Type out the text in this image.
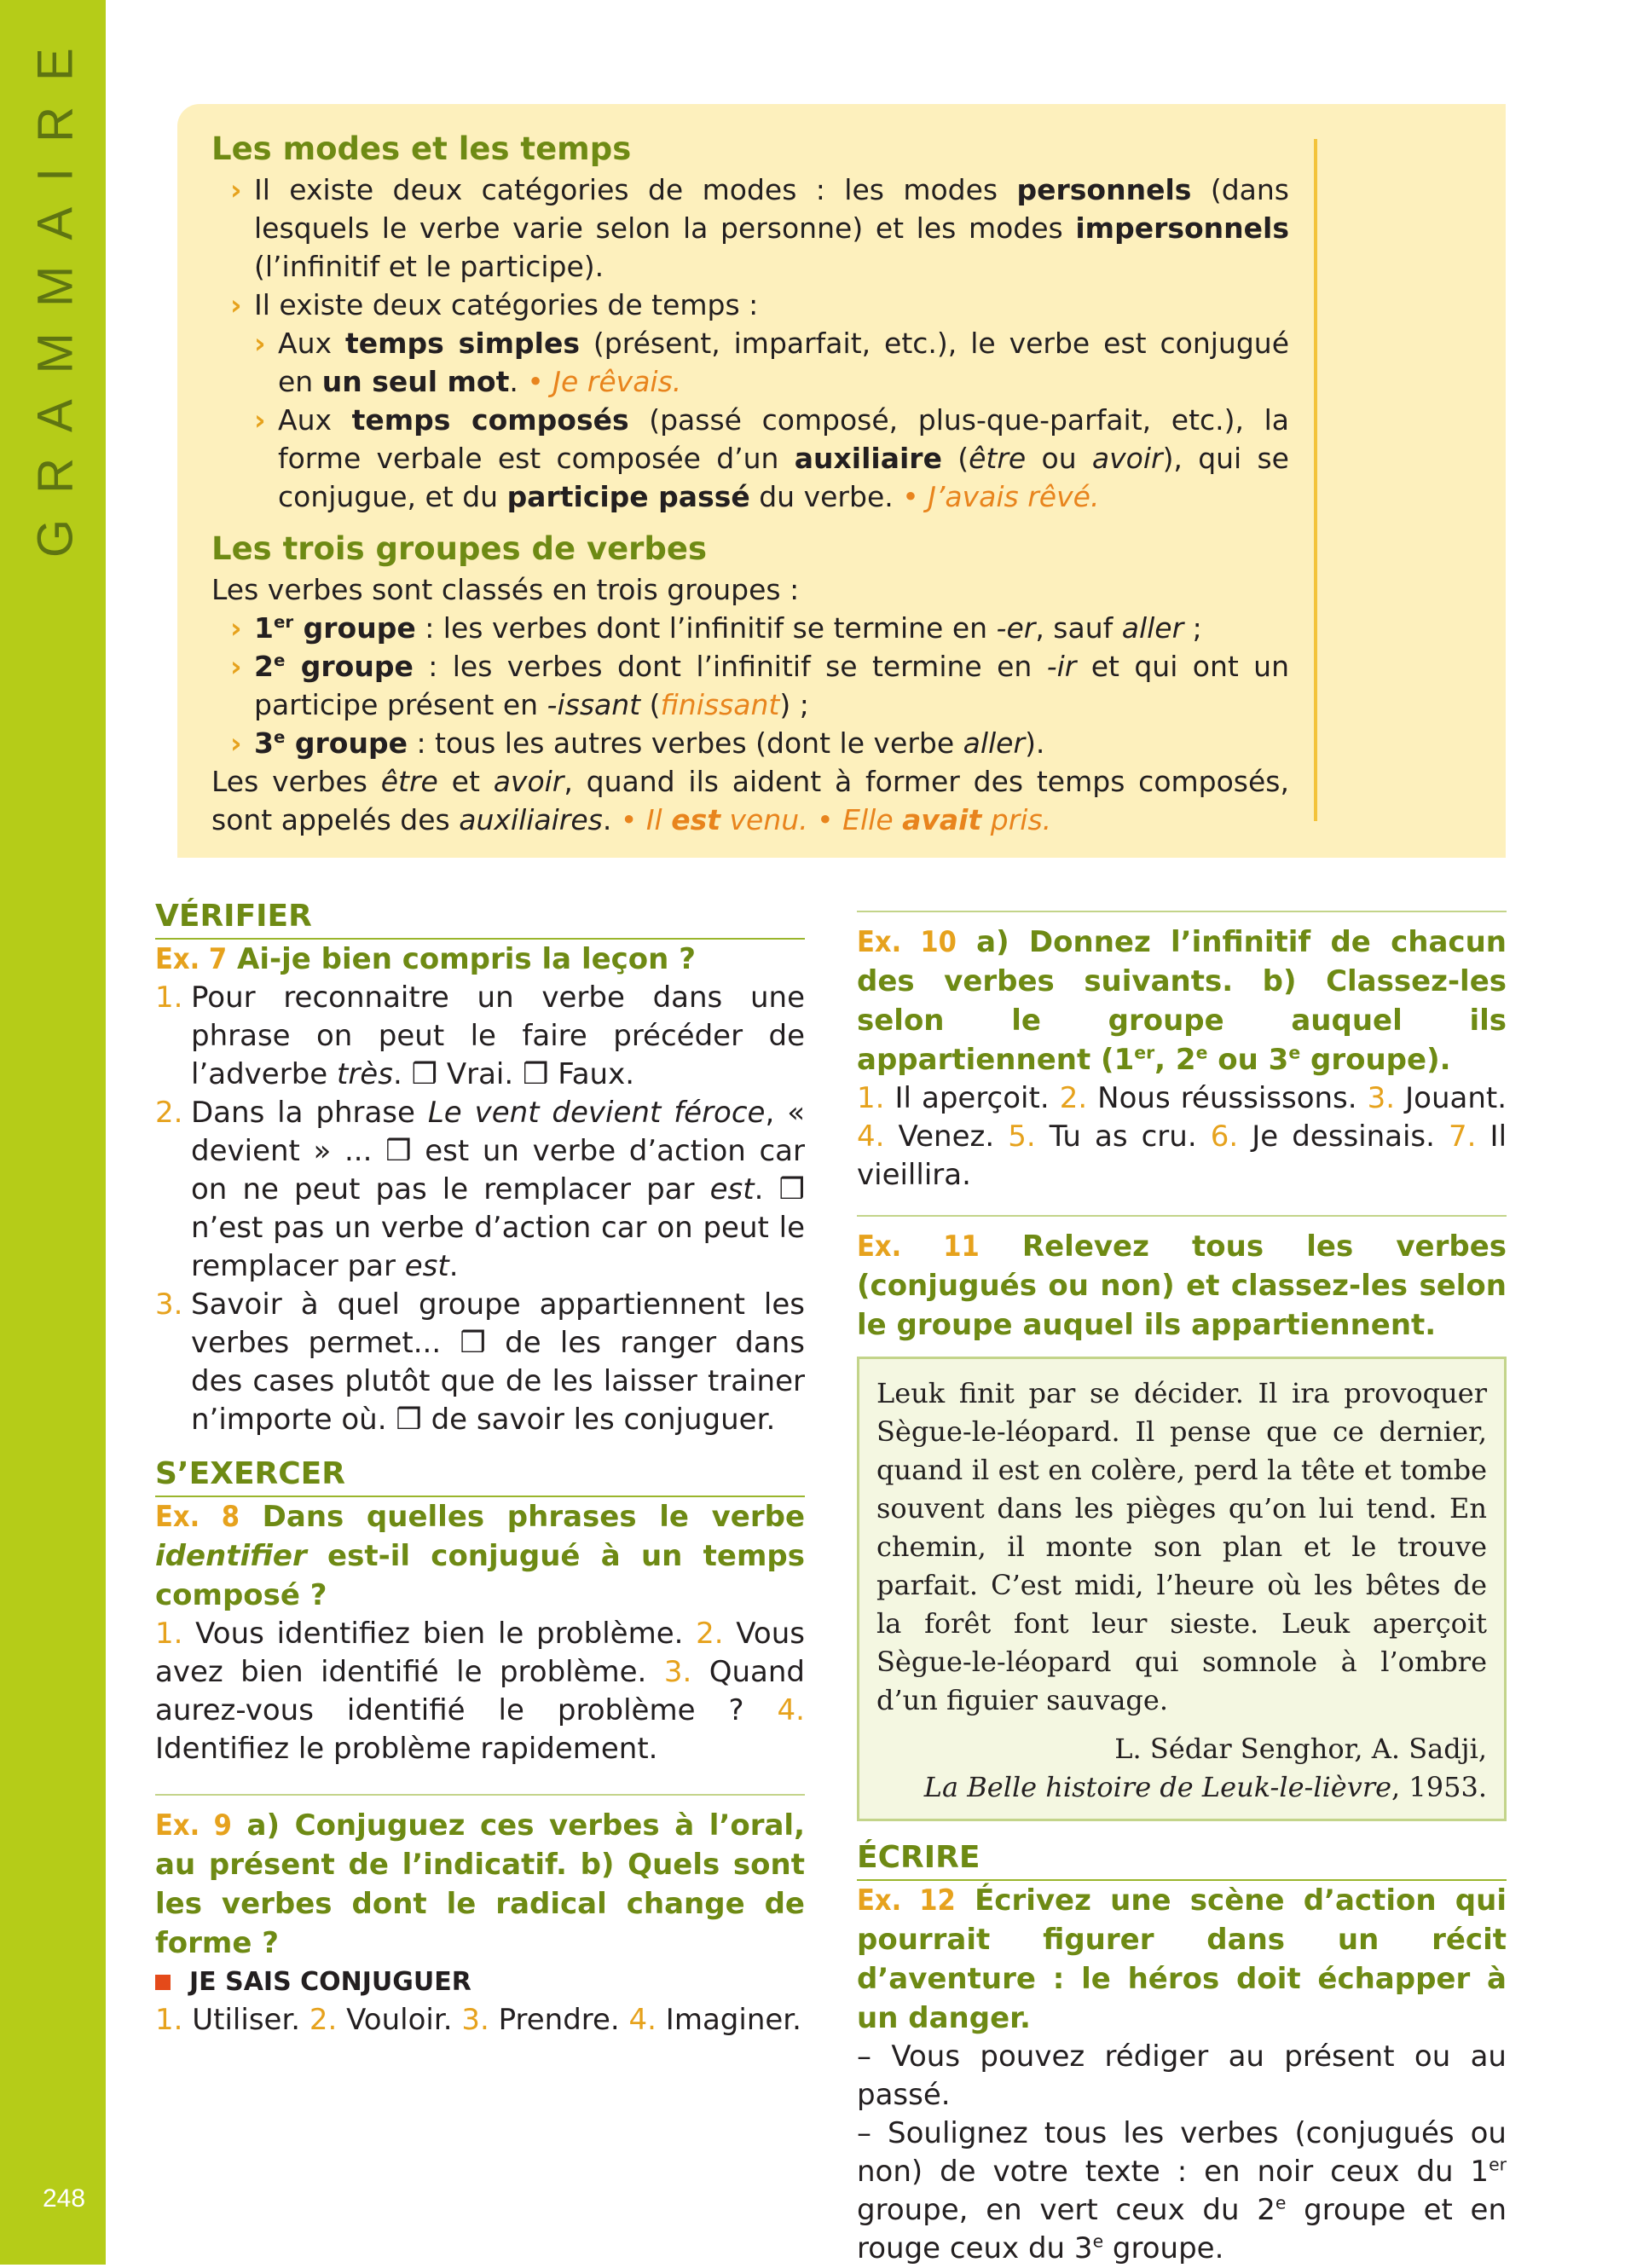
GRAMMAIRE
248

Les modes et les temps

› Il existe deux catégories de modes : les modes personnels (dans lesquels le verbe varie selon la personne) et les modes impersonnels (l’infinitif et le participe).

› Il existe deux catégories de temps :

› Aux temps simples (présent, imparfait, etc.), le verbe est conjugué en un seul mot. • Je rêvais.

› Aux temps composés (passé composé, plus-que-parfait, etc.), la forme verbale est composée d’un auxiliaire (être ou avoir), qui se conjugue, et du participe passé du verbe. • J’avais rêvé.

Les trois groupes de verbes

Les verbes sont classés en trois groupes :

› 1er groupe : les verbes dont l’infinitif se termine en -er, sauf aller ;

› 2e groupe : les verbes dont l’infinitif se termine en -ir et qui ont un participe présent en -issant (finissant) ;

› 3e groupe : tous les autres verbes (dont le verbe aller).

Les verbes être et avoir, quand ils aident à former des temps composés, sont appelés des auxiliaires. • Il est venu. • Elle avait pris.

VÉRIFIER

Ex. 7 Ai-je bien compris la leçon ?

1. Pour reconnaitre un verbe dans une phrase on peut le faire précéder de l’adverbe très. ❒ Vrai. ❒ Faux.

2. Dans la phrase Le vent devient féroce, « devient » ... ❒ est un verbe d’action car on ne peut pas le remplacer par est. ❒ n’est pas un verbe d’action car on peut le remplacer par est.

3. Savoir à quel groupe appartiennent les verbes permet... ❒ de les ranger dans des cases plutôt que de les laisser trainer n’importe où. ❒ de savoir les conjuguer.

S’EXERCER

Ex. 8 Dans quelles phrases le verbe identifier est-il conjugué à un temps composé ?

1. Vous identifiez bien le problème. 2. Vous avez bien identifié le problème. 3. Quand aurez-vous identifié le problème ? 4. Identifiez le problème rapidement.

Ex. 9 a) Conjuguez ces verbes à l’oral, au présent de l’indicatif. b) Quels sont les verbes dont le radical change de forme ?

JE SAIS CONJUGUER

1. Utiliser. 2. Vouloir. 3. Prendre. 4. Imaginer.

Ex. 10 a) Donnez l’infinitif de chacun des verbes suivants. b) Classez-les selon le groupe auquel ils appartiennent (1er, 2e ou 3e groupe).

1. Il aperçoit. 2. Nous réussissons. 3. Jouant. 4. Venez. 5. Tu as cru. 6. Je dessinais. 7. Il vieillira.

Ex. 11 Relevez tous les verbes (conjugués ou non) et classez-les selon le groupe auquel ils appartiennent.

Leuk finit par se décider. Il ira provoquer Sègue-le-léopard. Il pense que ce dernier, quand il est en colère, perd la tête et tombe souvent dans les pièges qu’on lui tend. En chemin, il monte son plan et le trouve parfait. C’est midi, l’heure où les bêtes de la forêt font leur sieste. Leuk aperçoit Sègue-le-léopard qui somnole à l’ombre d’un figuier sauvage.

L. Sédar Senghor, A. Sadji,
La Belle histoire de Leuk-le-lièvre, 1953.

ÉCRIRE

Ex. 12 Écrivez une scène d’action qui pourrait figurer dans un récit d’aventure : le héros doit échapper à un danger.

– Vous pouvez rédiger au présent ou au passé.

– Soulignez tous les verbes (conjugués ou non) de votre texte : en noir ceux du 1er groupe, en vert ceux du 2e groupe et en rouge ceux du 3e groupe.
